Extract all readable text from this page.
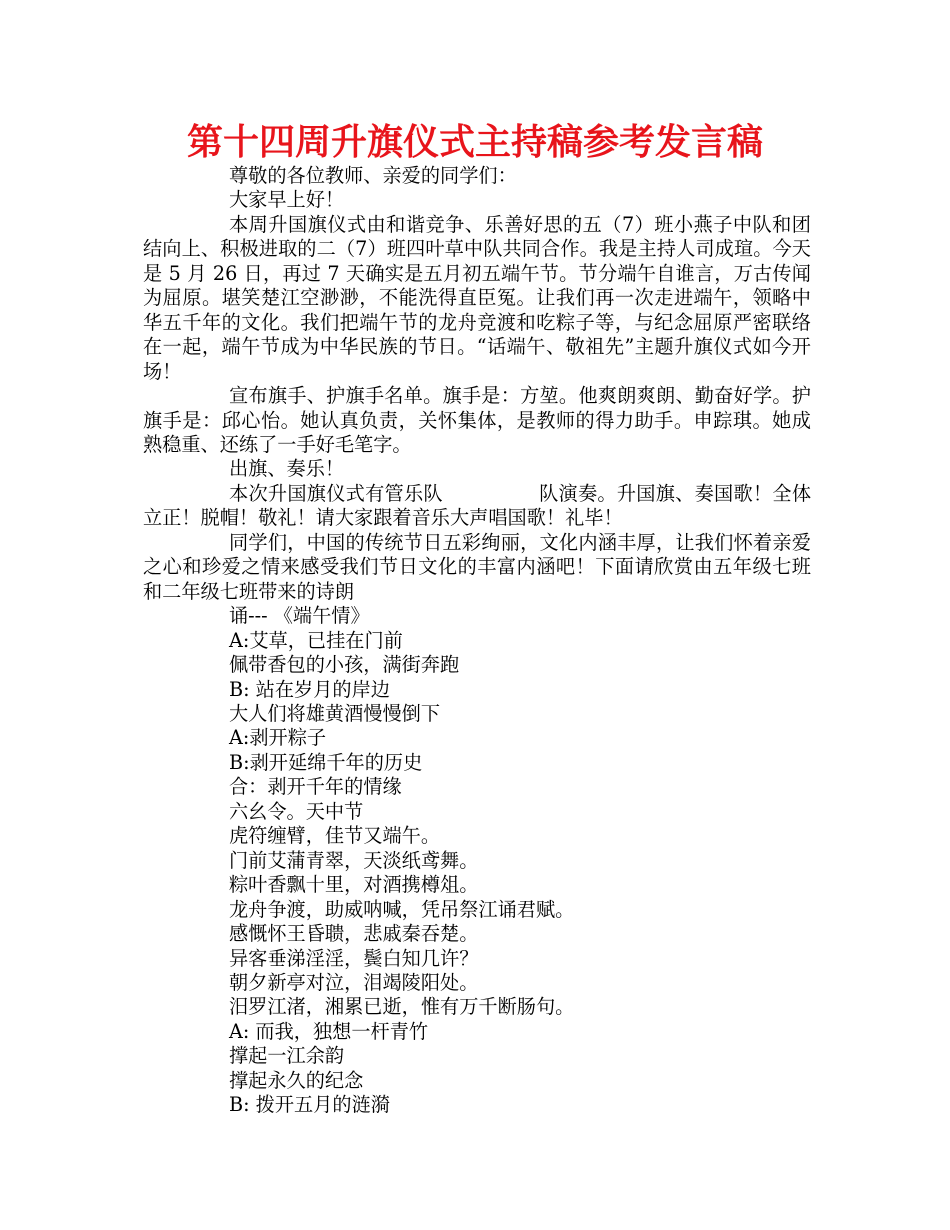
第十四周升旗仪式主持稿参考发言稿

尊敬的各位教师、亲爱的同学们：

大家早上好！

本周升国旗仪式由和谐竞争、乐善好思的五（7）班小燕子中队和团结向上、积极进取的二（7）班四叶草中队共同合作。我是主持人司成瑄。今天是 5 月 26 日，再过 7 天确实是五月初五端午节。节分端午自谁言，万古传闻为屈原。堪笑楚江空渺渺，不能洗得直臣冤。让我们再一次走进端午，领略中华五千年的文化。我们把端午节的龙舟竞渡和吃粽子等，与纪念屈原严密联络在一起，端午节成为中华民族的节日。“话端午、敬祖先”主题升旗仪式如今开场！

宣布旗手、护旗手名单。旗手是：方堃。他爽朗爽朗、勤奋好学。护旗手是：邱心怡。她认真负责，关怀集体，是教师的得力助手。申踪琪。她成熟稳重、还练了一手好毛笔字。

出旗、奏乐！

本次升国旗仪式有管乐队	队演奏。升国旗、奏国歌！全体立正！脱帽！敬礼！请大家跟着音乐大声唱国歌！礼毕！

同学们，中国的传统节日五彩绚丽，文化内涵丰厚，让我们怀着亲爱之心和珍爱之情来感受我们节日文化的丰富内涵吧！下面请欣赏由五年级七班和二年级七班带来的诗朗

诵--- 《端午情》

A:艾草，已挂在门前

佩带香包的小孩，满街奔跑

B: 站在岁月的岸边

大人们将雄黄酒慢慢倒下

A:剥开粽子

B:剥开延绵千年的历史

合：剥开千年的情缘

六幺令。天中节

虎符缠臂，佳节又端午。

门前艾蒲青翠，天淡纸鸢舞。

粽叶香飘十里，对酒携樽俎。

龙舟争渡，助威呐喊，凭吊祭江诵君赋。

感慨怀王昏聩，悲戚秦吞楚。

异客垂涕淫淫，鬓白知几许？

朝夕新亭对泣，泪竭陵阳处。

汨罗江渚，湘累已逝，惟有万千断肠句。

A: 而我，独想一杆青竹

撑起一江余韵

撑起永久的纪念

B: 拨开五月的涟漪
